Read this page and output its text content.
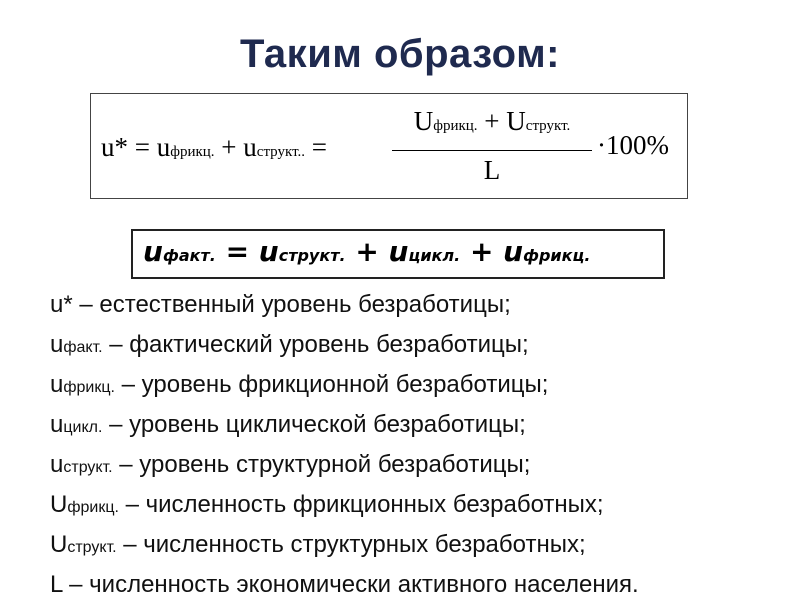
Таким образом:
u* = uфрикц. + uструкт.. =
Uфрикц. + Uструкт.
L
·100%
uфакт. = uструкт. + uцикл. + uфрикц.
u* – естественный уровень безработицы;
uфакт. – фактический уровень безработицы;
uфрикц. – уровень фрикционной безработицы;
uцикл. – уровень циклической безработицы;
uструкт. – уровень структурной безработицы;
Uфрикц. – численность фрикционных безработных;
Uструкт. – численность структурных безработных;
L – численность экономически активного населения.
